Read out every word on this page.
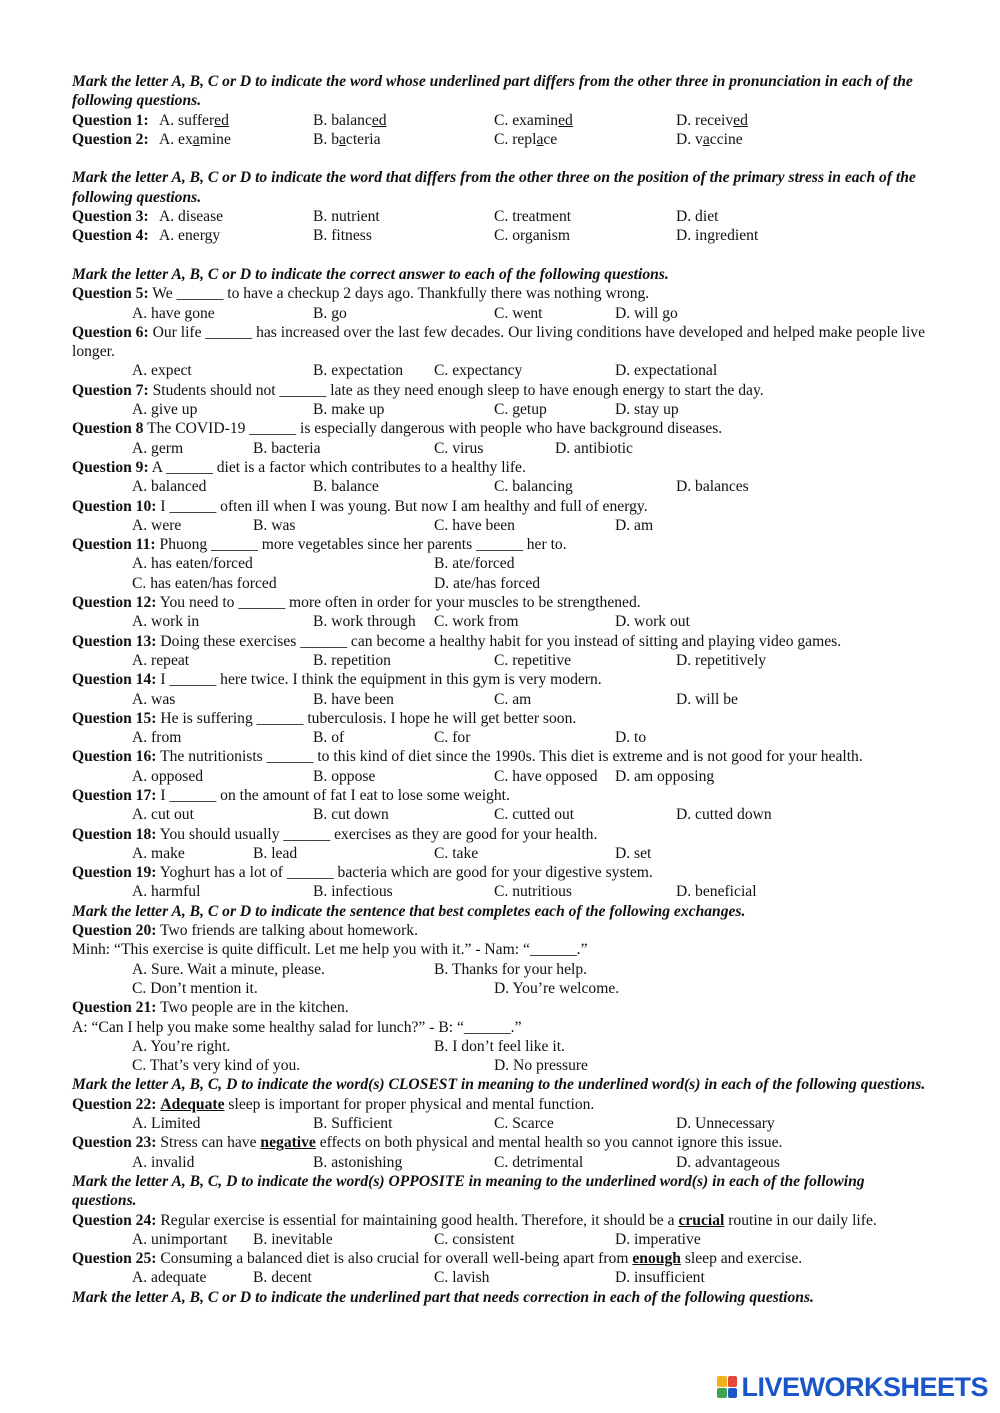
Mark the letter A, B, C or D to indicate the word whose underlined part differs from the other three in pronunciation in each of the following questions.
Question 1: A. suffered	B. balanced	C. examined	D. received
Question 2: A. examine	B. bacteria	C. replace	D. vaccine
Mark the letter A, B, C or D to indicate the word that differs from the other three on the position of the primary stress in each of the following questions.
Question 3: A. disease	B. nutrient	C. treatment	D. diet
Question 4: A. energy	B. fitness	C. organism	D. ingredient
Mark the letter A, B, C or D to indicate the correct answer to each of the following questions.
Question 5: We ______ to have a checkup 2 days ago. Thankfully there was nothing wrong.
A. have gone	B. go	C. went	D. will go
Question 6: Our life ______ has increased over the last few decades. Our living conditions have developed and helped make people live longer.
A. expect	B. expectation C. expectancy	D. expectational
Question 7: Students should not ______ late as they need enough sleep to have enough energy to start the day.
A. give up	B. make up	C. getup	D. stay up
Question 8 The COVID-19 ______ is especially dangerous with people who have background diseases.
A. germ	B. bacteria	C. virus	D. antibiotic
Question 9: A ______ diet is a factor which contributes to a healthy life.
A. balanced	B. balance	C. balancing	D. balances
Question 10: I ______ often ill when I was young. But now I am healthy and full of energy.
A. were	B. was	C. have been	D. am
Question 11: Phuong ______ more vegetables since her parents ______ her to.
A. has eaten/forced	B. ate/forced
C. has eaten/has forced	D. ate/has forced
Question 12: You need to ______ more often in order for your muscles to be strengthened.
A. work in	B. work through C. work from	D. work out
Question 13: Doing these exercises ______ can become a healthy habit for you instead of sitting and playing video games.
A. repeat	B. repetition	C. repetitive	D. repetitively
Question 14: I ______ here twice. I think the equipment in this gym is very modern.
A. was	B. have been	C. am	D. will be
Question 15: He is suffering ______ tuberculosis. I hope he will get better soon.
A. from	B. of	C. for	D. to
Question 16: The nutritionists ______ to this kind of diet since the 1990s. This diet is extreme and is not good for your health.
A. opposed	B. oppose	C. have opposed D. am opposing
Question 17: I ______ on the amount of fat I eat to lose some weight.
A. cut out	B. cut down	C. cutted out	D. cutted down
Question 18: You should usually ______ exercises as they are good for your health.
A. make	B. lead	C. take	D. set
Question 19: Yoghurt has a lot of ______ bacteria which are good for your digestive system.
A. harmful	B. infectious	C. nutritious	D. beneficial
Mark the letter A, B, C or D to indicate the sentence that best completes each of the following exchanges.
Question 20: Two friends are talking about homework.
Minh: “This exercise is quite difficult. Let me help you with it.” - Nam: “______.”
A. Sure. Wait a minute, please.	B. Thanks for your help.
C. Don’t mention it.	D. You’re welcome.
Question 21: Two people are in the kitchen.
A: “Can I help you make some healthy salad for lunch?” - B: “______.”
A. You’re right.	B. I don’t feel like it.
C. That’s very kind of you.	D. No pressure
Mark the letter A, B, C, D to indicate the word(s) CLOSEST in meaning to the underlined word(s) in each of the following questions.
Question 22: Adequate sleep is important for proper physical and mental function.
A. Limited	B. Sufficient	C. Scarce	D. Unnecessary
Question 23: Stress can have negative effects on both physical and mental health so you cannot ignore this issue.
A. invalid	B. astonishing	C. detrimental	D. advantageous
Mark the letter A, B, C, D to indicate the word(s) OPPOSITE in meaning to the underlined word(s) in each of the following questions.
Question 24: Regular exercise is essential for maintaining good health. Therefore, it should be a crucial routine in our daily life.
A. unimportant B. inevitable	C. consistent	D. imperative
Question 25: Consuming a balanced diet is also crucial for overall well-being apart from enough sleep and exercise.
A. adequate	B. decent	C. lavish	D. insufficient
Mark the letter A, B, C or D to indicate the underlined part that needs correction in each of the following questions.
LIVEWORKSHEETS
